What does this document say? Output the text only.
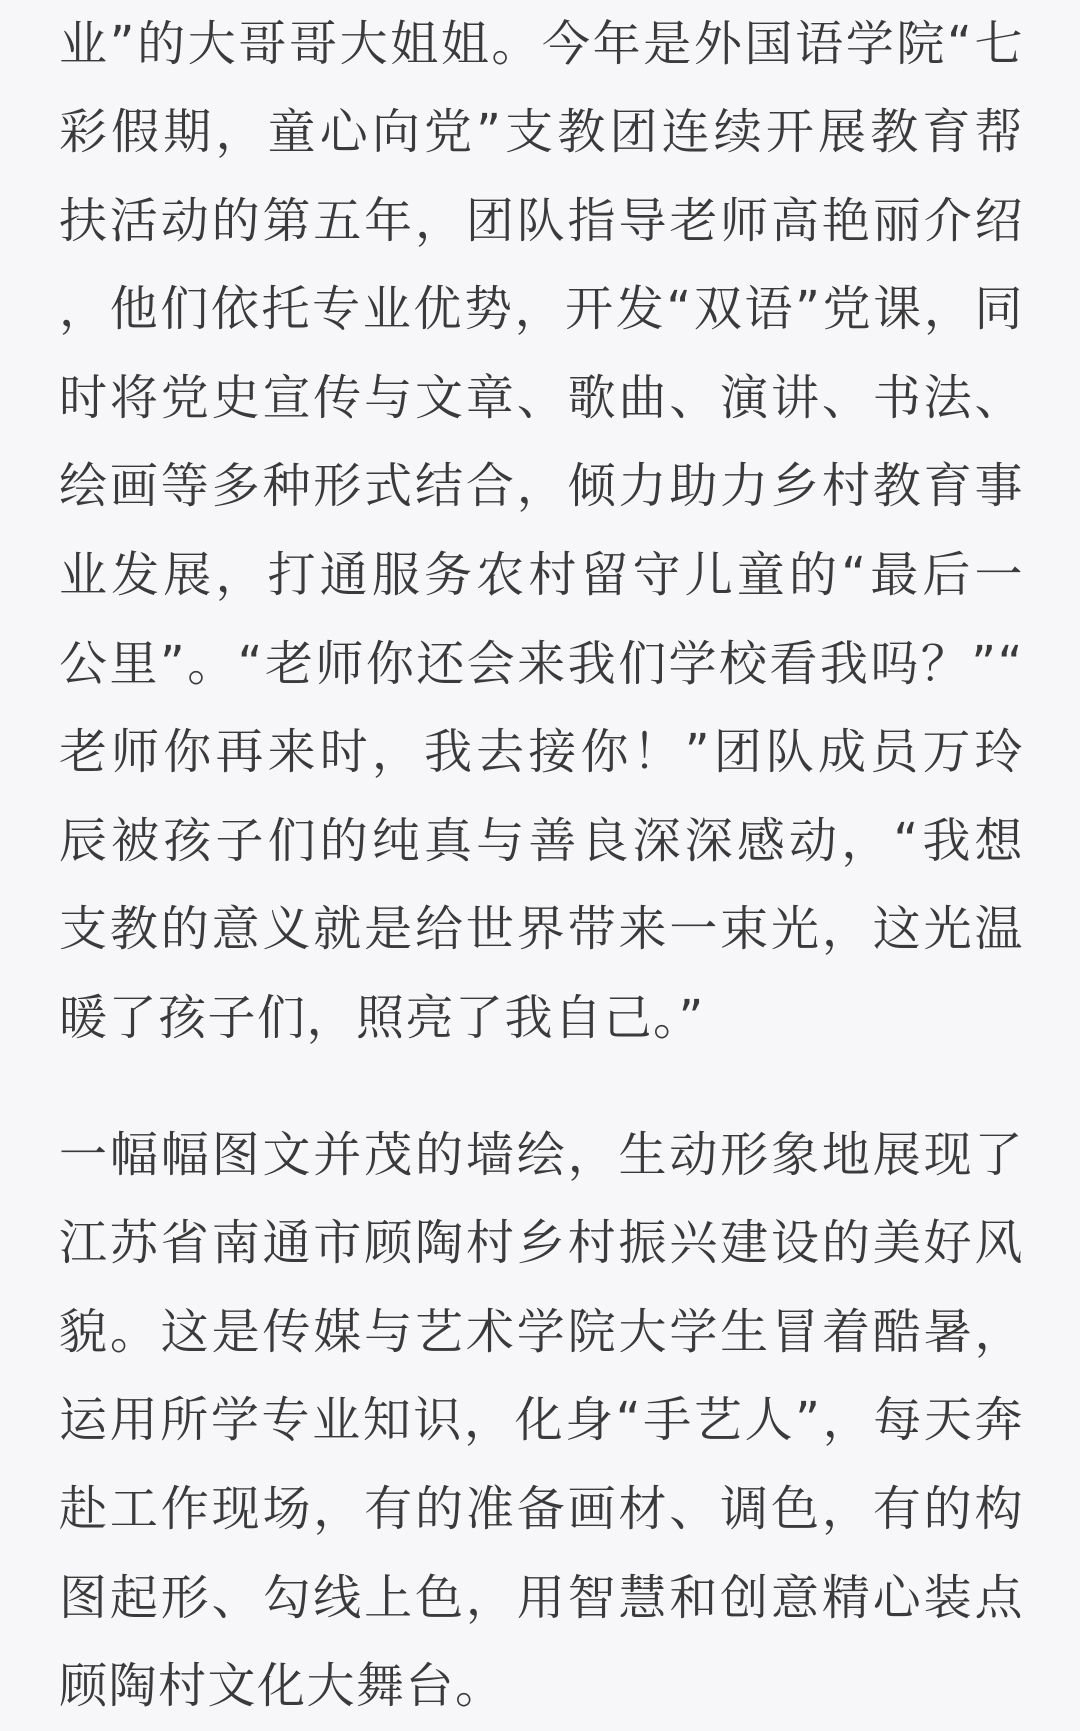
业”的大哥哥大姐姐。今年是外国语学院“七彩假期，童心向党”支教团连续开展教育帮扶活动的第五年，团队指导老师高艳丽介绍，他们依托专业优势，开发“双语”党课，同时将党史宣传与文章、歌曲、演讲、书法、绘画等多种形式结合，倾力助力乡村教育事业发展，打通服务农村留守儿童的“最后一公里”。“老师你还会来我们学校看我吗？”“老师你再来时，我去接你！”团队成员万玲辰被孩子们的纯真与善良深深感动，“我想支教的意义就是给世界带来一束光，这光温暖了孩子们，照亮了我自己。”

一幅幅图文并茂的墙绘，生动形象地展现了江苏省南通市顾陶村乡村振兴建设的美好风貌。这是传媒与艺术学院大学生冒着酷暑，运用所学专业知识，化身“手艺人”，每天奔赴工作现场，有的准备画材、调色，有的构图起形、勾线上色，用智慧和创意精心装点顾陶村文化大舞台。
